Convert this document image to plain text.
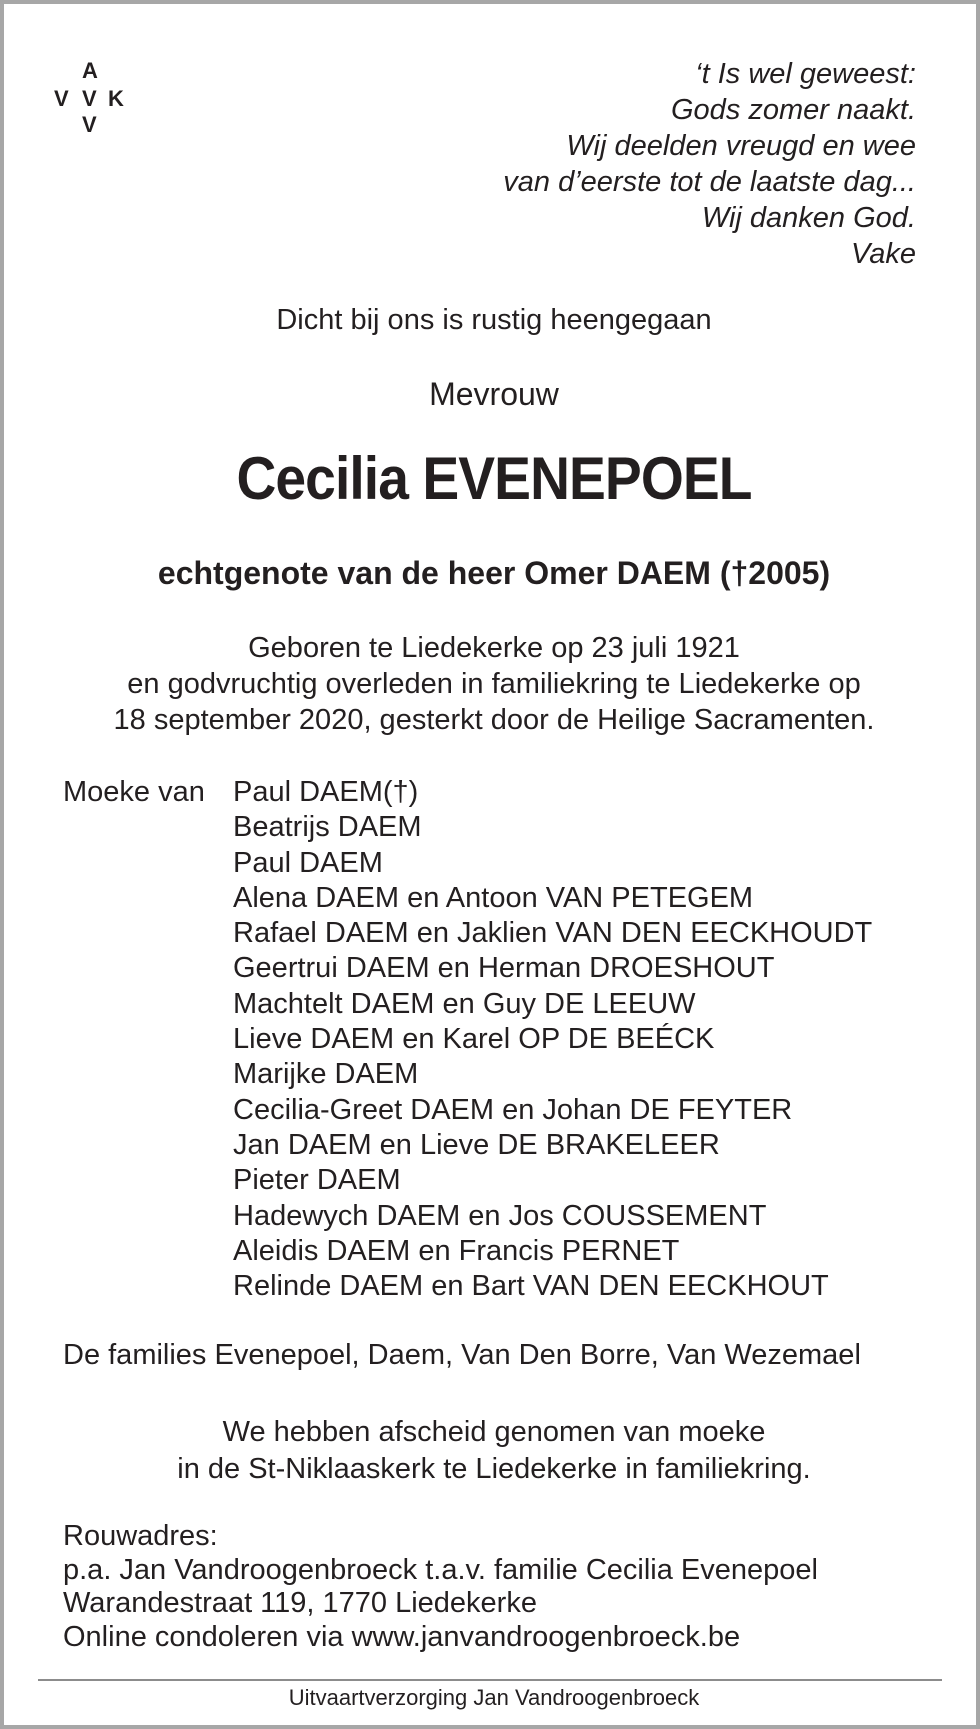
A
V V K
V
‘t Is wel geweest:
Gods zomer naakt.
Wij deelden vreugd en wee
van d’eerste tot de laatste dag...
Wij danken God.
Vake
Dicht bij ons is rustig heengegaan
Mevrouw
Cecilia EVENEPOEL
echtgenote van de heer Omer DAEM (†2005)
Geboren te Liedekerke op 23 juli 1921
en godvruchtig overleden in familiekring te Liedekerke op
18 september 2020, gesterkt door de Heilige Sacramenten.
Moeke van Paul DAEM(†)
Beatrijs DAEM
Paul DAEM
Alena DAEM en Antoon VAN PETEGEM
Rafael DAEM en Jaklien VAN DEN EECKHOUDT
Geertrui DAEM en Herman DROESHOUT
Machtelt DAEM en Guy DE LEEUW
Lieve DAEM en Karel OP DE BEÉCK
Marijke DAEM
Cecilia-Greet DAEM en Johan DE FEYTER
Jan DAEM en Lieve DE BRAKELEER
Pieter DAEM
Hadewych DAEM en Jos COUSSEMENT
Aleidis DAEM en Francis PERNET
Relinde DAEM en Bart VAN DEN EECKHOUT
De families Evenepoel, Daem, Van Den Borre, Van Wezemael
We hebben afscheid genomen van moeke
in de St-Niklaaskerk te Liedekerke in familiekring.
Rouwadres:
p.a. Jan Vandroogenbroeck t.a.v. familie Cecilia Evenepoel
Warandestraat 119, 1770 Liedekerke
Online condoleren via www.janvandroogenbroeck.be
Uitvaartverzorging Jan Vandroogenbroeck
